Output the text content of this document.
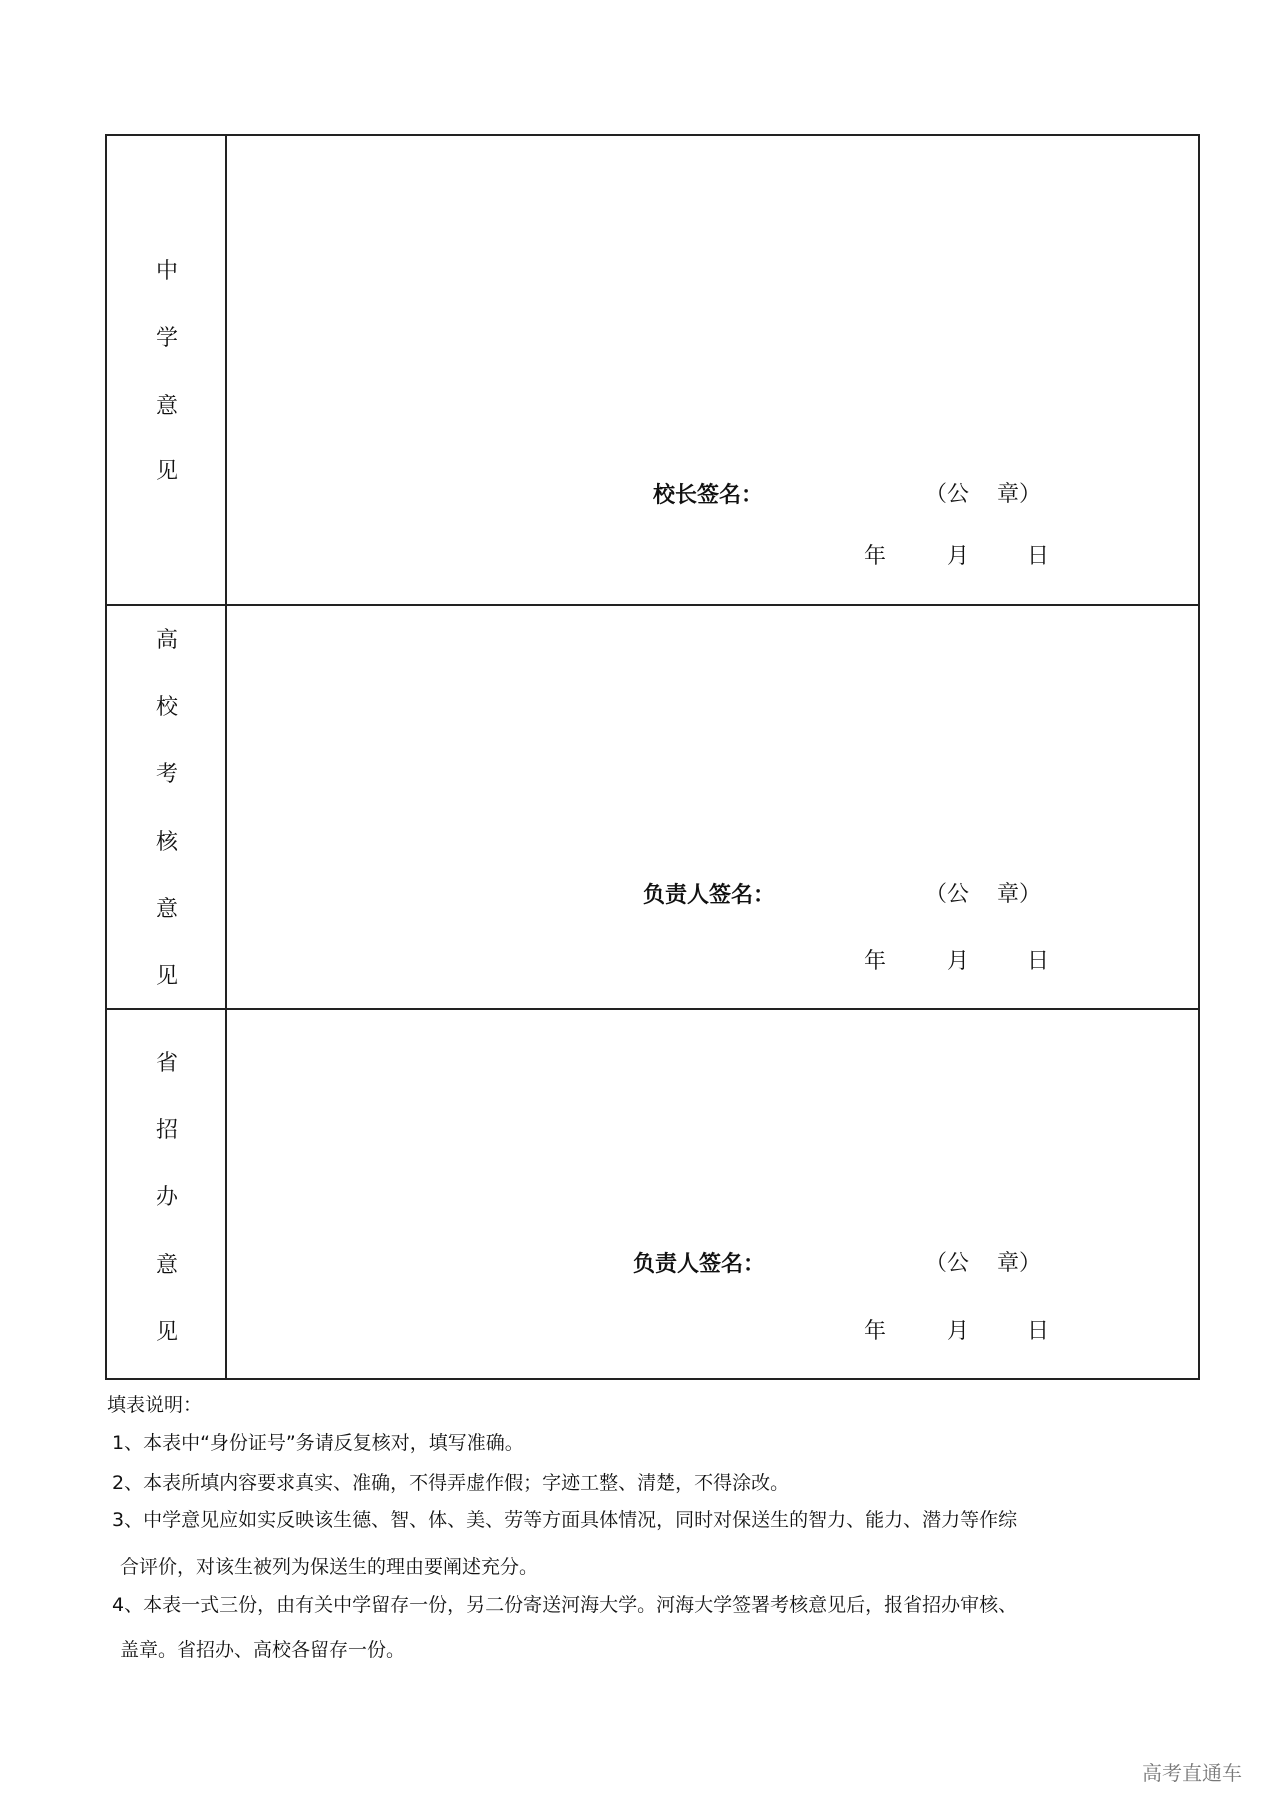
中
学
意
见
校长签名：	（公 章）
年	月	日
高
校
考
核
意
见
负责人签名：	（公 章）
年	月	日
省
招
办
意
见
负责人签名：	（公 章）
年	月	日
填表说明：
1、本表中“身份证号”务请反复核对，填写准确。
2、本表所填内容要求真实、准确，不得弄虚作假；字迹工整、清楚，不得涂改。
3、中学意见应如实反映该生德、智、体、美、劳等方面具体情况，同时对保送生的智力、能力、潜力等作综
合评价，对该生被列为保送生的理由要阐述充分。
4、本表一式三份，由有关中学留存一份，另二份寄送河海大学。河海大学签署考核意见后，报省招办审核、
盖章。省招办、高校各留存一份。
高考直通车
